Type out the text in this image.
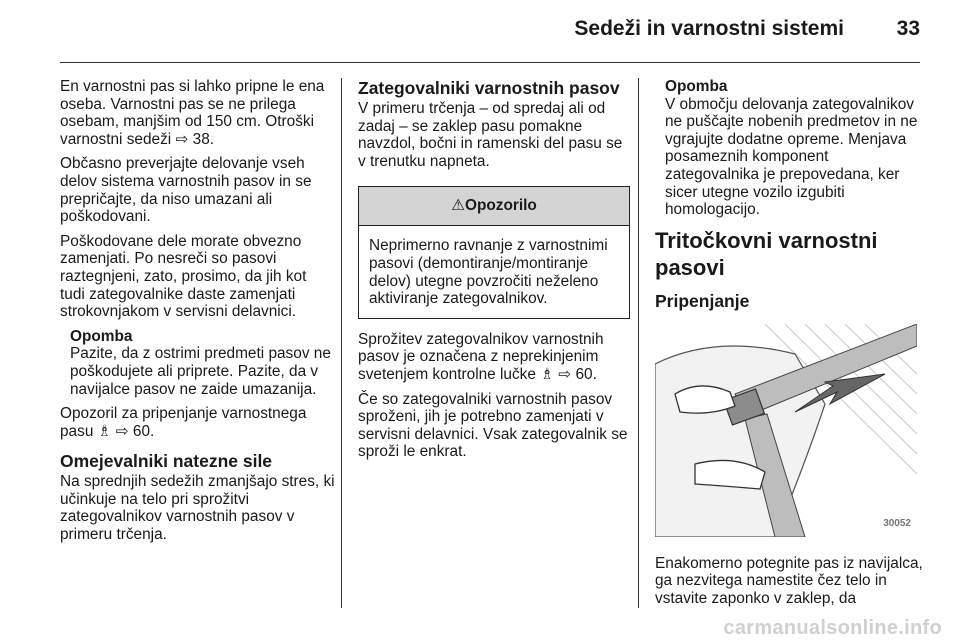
Sedeži in varnostni sistemi	33

En varnostni pas si lahko pripne le ena oseba. Varnostni pas se ne prilega osebam, manjšim od 150 cm. Otroški varnostni sedeži ⇨ 38.

Občasno preverjajte delovanje vseh delov sistema varnostnih pasov in se prepričajte, da niso umazani ali poškodovani.

Poškodovane dele morate obvezno zamenjati. Po nesreči so pasovi raztegnjeni, zato, prosimo, da jih kot tudi zategovalnike daste zamenjati strokovnjakom v servisni delavnici.

Opomba
Pazite, da z ostrimi predmeti pasov ne poškodujete ali priprete. Pazite, da v navijalce pasov ne zaide umazanija.

Opozoril za pripenjanje varnostnega pasu ♗ ⇨ 60.

Omejevalniki natezne sile

Na sprednjih sedežih zmanjšajo stres, ki učinkuje na telo pri sprožitvi zategovalnikov varnostnih pasov v primeru trčenja.

Zategovalniki varnostnih pasov

V primeru trčenja – od spredaj ali od zadaj – se zaklep pasu pomakne navzdol, bočni in ramenski del pasu se v trenutku napneta.

⚠Opozorilo
Neprimerno ravnanje z varnostnimi pasovi (demontiranje/montiranje delov) utegne povzročiti neželeno aktiviranje zategovalnikov.

Sprožitev zategovalnikov varnostnih pasov je označena z neprekinjenim svetenjem kontrolne lučke ♗ ⇨ 60.

Če so zategovalniki varnostnih pasov sproženi, jih je potrebno zamenjati v servisni delavnici. Vsak zategovalnik se sproži le enkrat.

Opomba
V območju delovanja zategovalnikov ne puščajte nobenih predmetov in ne vgrajujte dodatne opreme. Menjava posameznih komponent zategovalnika je prepovedana, ker sicer utegne vozilo izgubiti homologacijo.
Tritočkovni varnostni pasovi
Pripenjanje
30052

Enakomerno potegnite pas iz navijalca, ga nezvitega namestite čez telo in vstavite zaponko v zaklep, da

carmanualsonline.info
